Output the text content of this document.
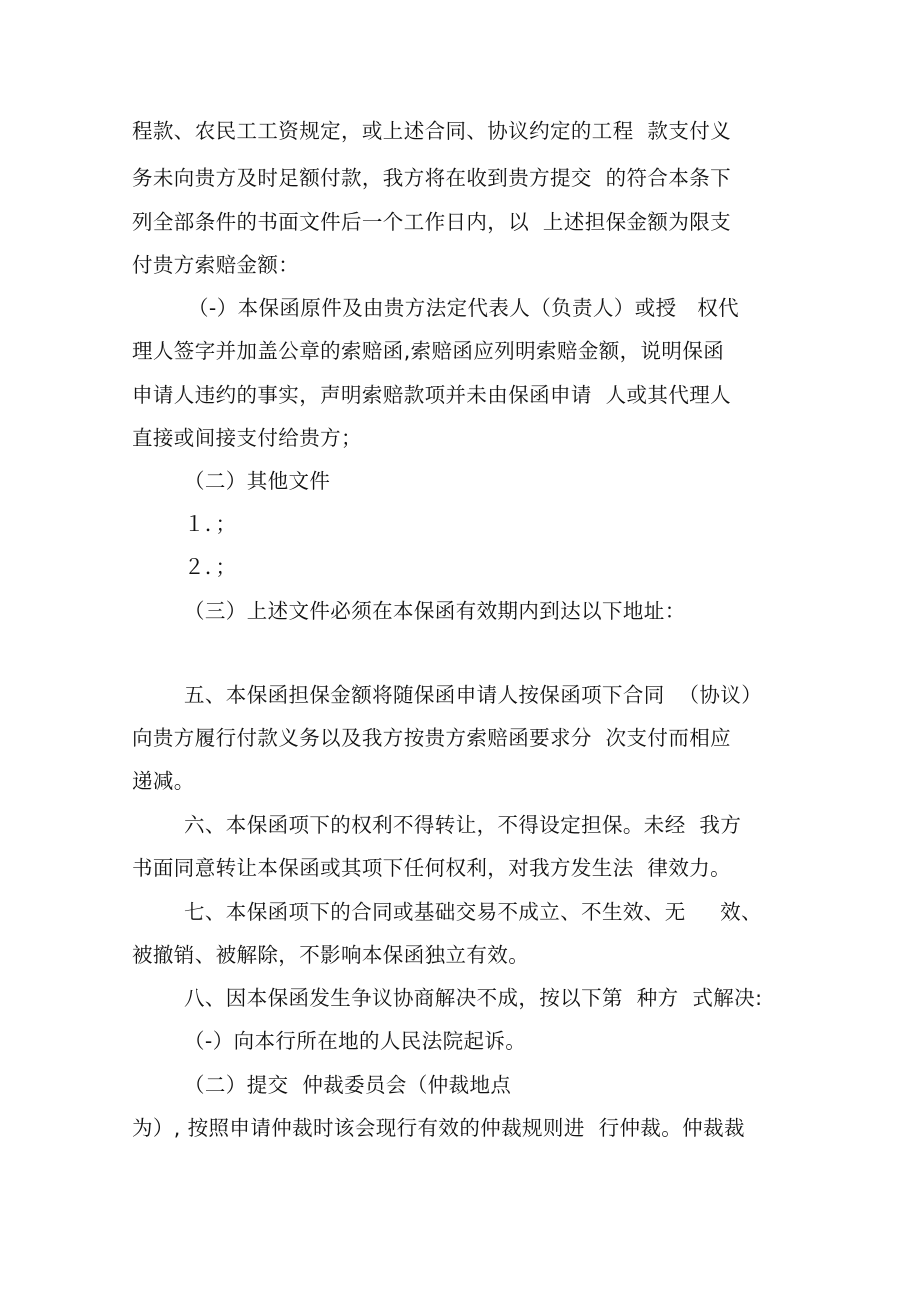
程款、农民工工资规定，或上述合同、协议约定的工程  款支付义
务未向贵方及时足额付款，我方将在收到贵方提交  的符合本条下
列全部条件的书面文件后一个工作日内，以  上述担保金额为限支
付贵方索赔金额：
（-）本保函原件及由贵方法定代表人（负责人）或授   权代
理人签字并加盖公章的索赔函,索赔函应列明索赔金额，说明保函
申请人违约的事实，声明索赔款项并未由保函申请  人或其代理人
直接或间接支付给贵方；
（二）其他文件
１．；
２．；
（三）上述文件必须在本保函有效期内到达以下地址：
五、本保函担保金额将随保函申请人按保函项下合同  （协议）
向贵方履行付款义务以及我方按贵方索赔函要求分  次支付而相应
递减。
六、本保函项下的权利不得转让，不得设定担保。未经  我方
书面同意转让本保函或其项下任何权利，对我方发生法  律效力。
七、本保函项下的合同或基础交易不成立、不生效、无     效、
被撤销、被解除，不影响本保函独立有效。
八、因本保函发生争议协商解决不成，按以下第  种方  式解决:
（-）向本行所在地的人民法院起诉。
（二）提交  仲裁委员会（仲裁地点
为）, 按照申请仲裁时该会现行有效的仲裁规则进  行仲裁。仲裁裁
